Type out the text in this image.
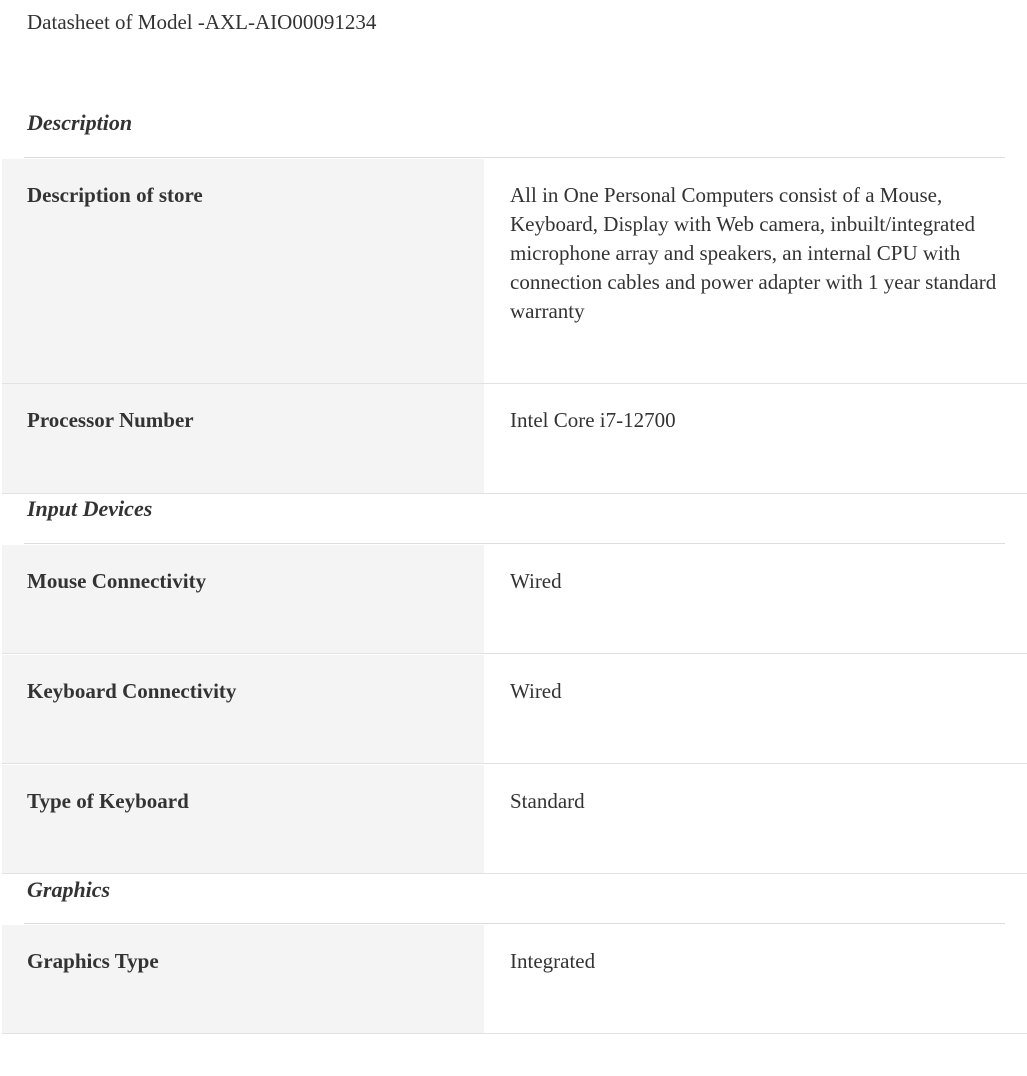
Datasheet of Model -AXL-AIO00091234
Description
Description of store	All in One Personal Computers consist of a Mouse, Keyboard, Display with Web camera, inbuilt/integrated microphone array and speakers, an internal CPU with connection cables and power adapter with 1 year standard warranty
Processor Number	Intel Core i7-12700
Input Devices
Mouse Connectivity	Wired
Keyboard Connectivity	Wired
Type of Keyboard	Standard
Graphics
Graphics Type	Integrated
